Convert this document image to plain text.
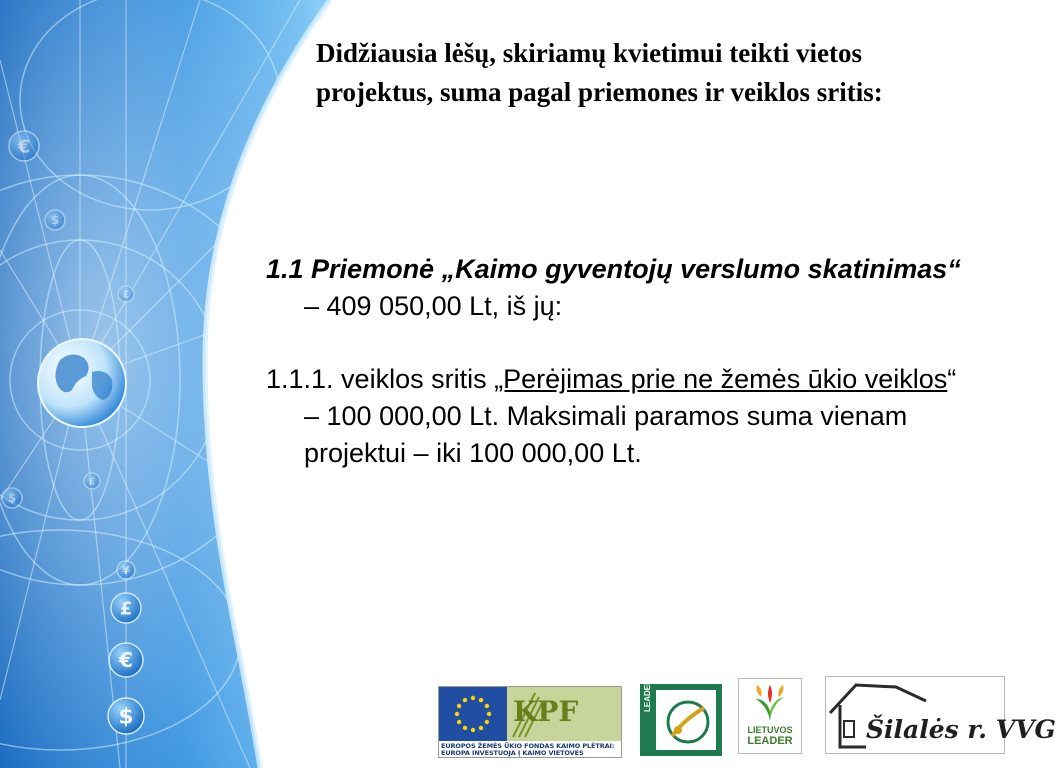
€
$
£
£
$
¥
£
€
$
Didžiausia lėšų, skiriamų kvietimui teikti vietos projektus, suma pagal priemones ir veiklos sritis:

1.1 Priemonė „Kaimo gyventojų verslumo skatinimas“ – 409 050,00 Lt, iš jų:

1.1.1. veiklos sritis „Perėjimas prie ne žemės ūkio veiklos“ – 100 000,00 Lt. Maksimali paramos suma vienam projektui – iki 100 000,00 Lt.

KPF
EUROPOS ŽEMĖS ŪKIO FONDAS KAIMO PLĖTRAI:
EUROPA INVESTUOJA Į KAIMO VIETOVES
LEADER
LIETUVOS
LEADER	Šilalės r. VVG
